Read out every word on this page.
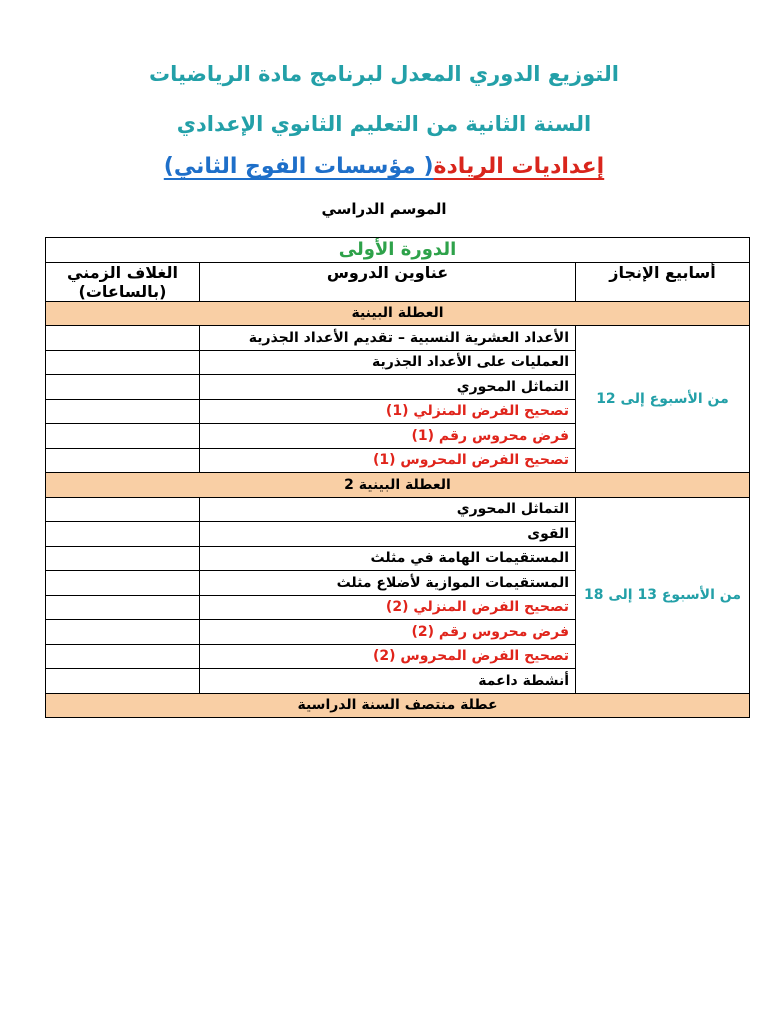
التوزيع الدوري المعدل لبرنامج مادة الرياضيات
السنة الثانية من التعليم الثانوي الإعدادي
إعداديات الريادة( مؤسسات الفوج الثاني)
الموسم الدراسي
الدورة الأولى		
أسابيع الإنجاز	عناوين الدروس	الغلاف الزمني
(بالساعات)

العطلة البينية		
من الأسبوع إلى 12	الأعداد العشرية النسبية – تقديم الأعداد الجذرية	
	العمليات على الأعداد الجذرية	
	التماثل المحوري	
	تصحيح الفرض المنزلي (1)	
	فرض محروس رقم (1)	
	تصحيح الفرض المحروس (1)	
العطلة البينية 2		
من الأسبوع 13 إلى 18	التماثل المحوري	
	القوى	
	المستقيمات الهامة في مثلث	
	المستقيمات الموازية لأضلاع مثلث	
	تصحيح الفرض المنزلي (2)	
	فرض محروس رقم (2)	
	تصحيح الفرض المحروس (2)	
	أنشطة داعمة	
عطلة منتصف السنة الدراسية		
